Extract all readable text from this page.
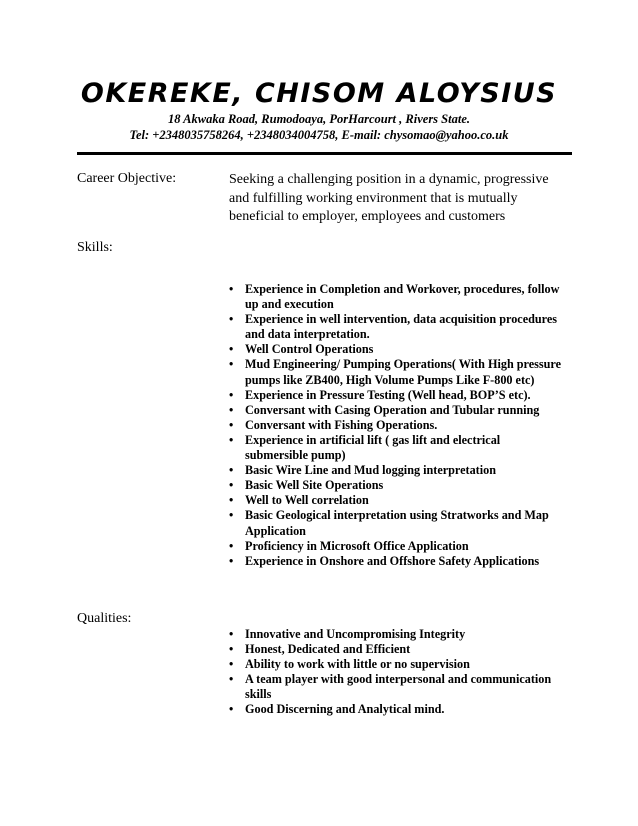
OKEREKE, CHISOM ALOYSIUS
18 Akwaka Road, Rumodoaya, PorHarcourt , Rivers State.
Tel: +2348035758264, +2348034004758, E-mail: chysomao@yahoo.co.uk
Career Objective:	Seeking a challenging position in a dynamic, progressive and fulfilling working environment that is mutually beneficial to employer, employees and customers
Skills:
• Experience in Completion and Workover, procedures, follow up and execution
• Experience in well intervention, data acquisition procedures and data interpretation.
• Well Control Operations
• Mud Engineering/ Pumping Operations( With High pressure pumps like ZB400, High Volume Pumps Like F-800 etc)
• Experience in Pressure Testing (Well head, BOP’S etc).
• Conversant with Casing Operation and Tubular running
• Conversant with Fishing Operations.
• Experience in artificial lift ( gas lift and electrical submersible pump)
• Basic Wire Line and Mud logging interpretation
• Basic Well Site Operations
• Well to Well correlation
• Basic Geological interpretation using Stratworks and Map Application
• Proficiency in Microsoft Office Application
• Experience in Onshore and Offshore Safety Applications
Qualities:
• Innovative and Uncompromising Integrity
• Honest, Dedicated and Efficient
• Ability to work with little or no supervision
• A team player with good interpersonal and communication skills
• Good Discerning and Analytical mind.
